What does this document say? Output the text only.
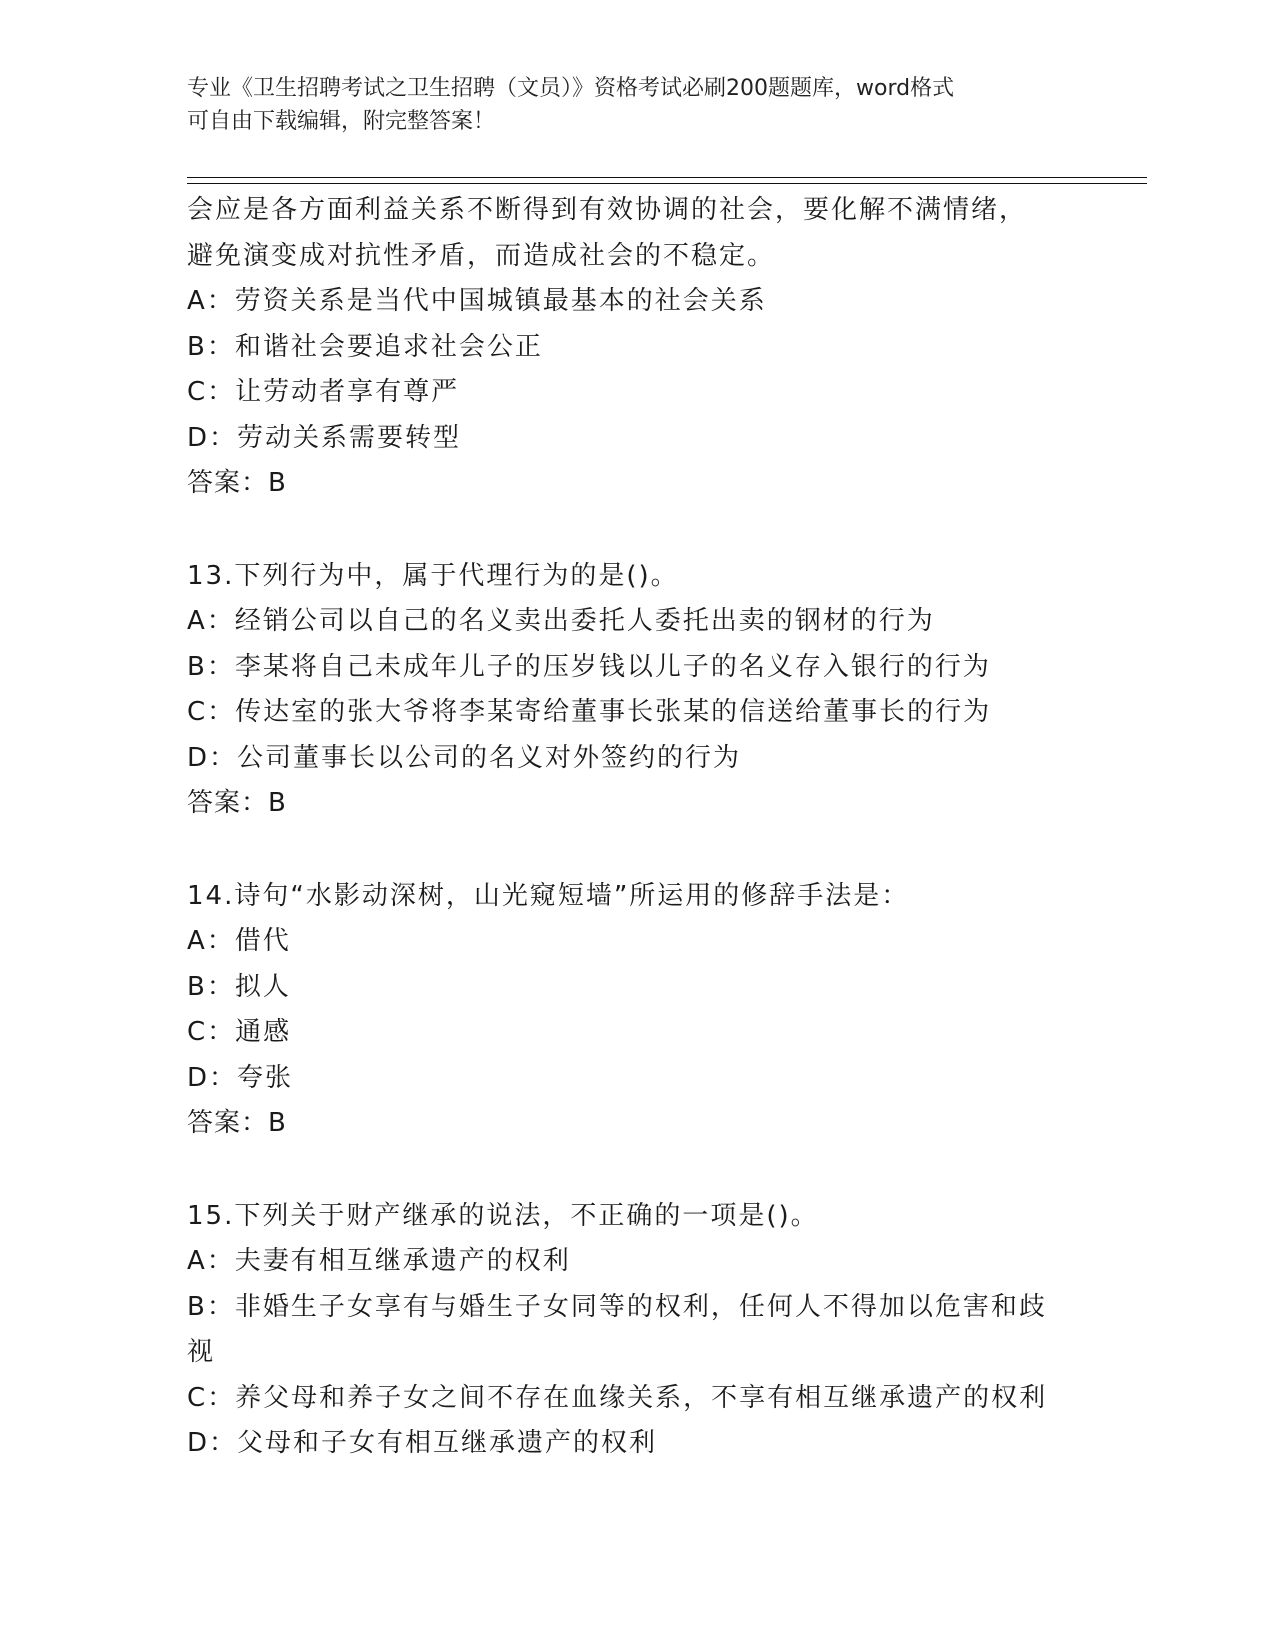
专业《卫生招聘考试之卫生招聘（文员）》资格考试必刷200题题库，word格式
可自由下载编辑，附完整答案！
会应是各方面利益关系不断得到有效协调的社会，要化解不满情绪，
避免演变成对抗性矛盾，而造成社会的不稳定。
A：劳资关系是当代中国城镇最基本的社会关系
B：和谐社会要追求社会公正
C：让劳动者享有尊严
D：劳动关系需要转型
答案：B
13.下列行为中，属于代理行为的是()。
A：经销公司以自己的名义卖出委托人委托出卖的钢材的行为
B：李某将自己未成年儿子的压岁钱以儿子的名义存入银行的行为
C：传达室的张大爷将李某寄给董事长张某的信送给董事长的行为
D：公司董事长以公司的名义对外签约的行为
答案：B
14.诗句“水影动深树，山光窥短墙”所运用的修辞手法是：
A：借代
B：拟人
C：通感
D：夸张
答案：B
15.下列关于财产继承的说法，不正确的一项是()。
A：夫妻有相互继承遗产的权利
B：非婚生子女享有与婚生子女同等的权利，任何人不得加以危害和歧
视
C：养父母和养子女之间不存在血缘关系，不享有相互继承遗产的权利
D：父母和子女有相互继承遗产的权利
